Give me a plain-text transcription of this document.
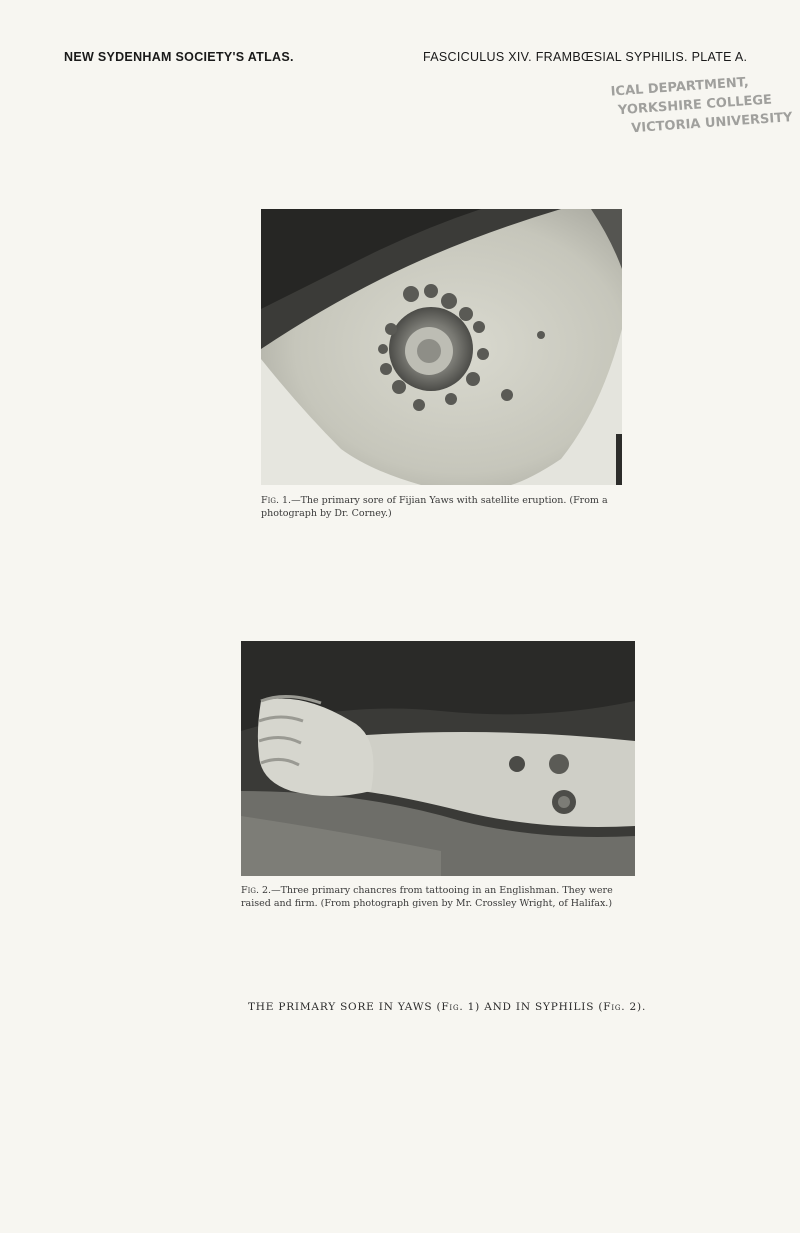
NEW SYDENHAM SOCIETY'S ATLAS.	FASCICULUS XIV. FRAMBŒSIAL SYPHILIS. PLATE A.
ICAL DEPARTMENT,
YORKSHIRE COLLEGE
VICTORIA UNIVERSITY
Fig. 1.—The primary sore of Fijian Yaws with satellite eruption. (From a photograph by Dr. Corney.)
Fig. 2.—Three primary chancres from tattooing in an Englishman. They were raised and firm. (From photograph given by Mr. Crossley Wright, of Halifax.)
THE PRIMARY SORE IN YAWS (Fig. 1) AND IN SYPHILIS (Fig. 2).
